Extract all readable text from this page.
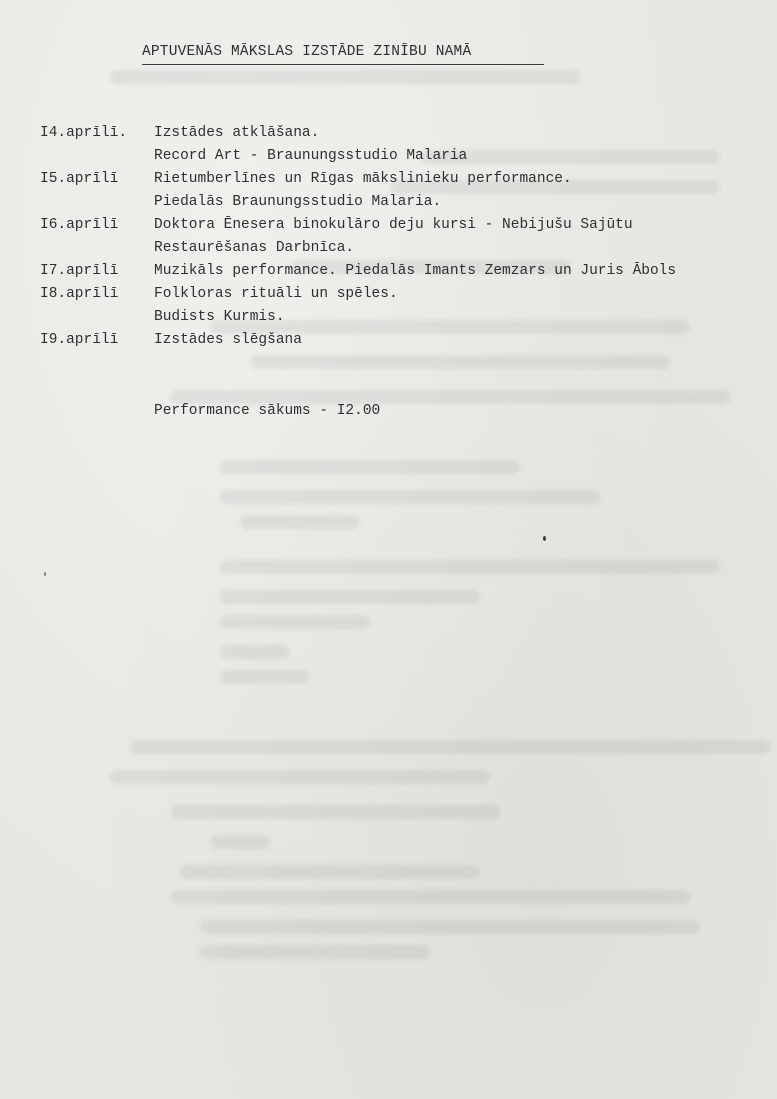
APTUVENĀS MĀKSLAS IZSTĀDE ZINĪBU NAMĀ
I4.aprīlī.	Izstādes atklāšana.
Record Art - Braunungsstudio Malaria
I5.aprīlī	Rietumberlīnes un Rīgas mākslinieku performance.
Piedalās Braunungsstudio Malaria.
I6.aprīlī	Doktora Ēnesera binokulāro deju kursi - Nebijušu Sajūtu
Restaurēšanas Darbnīca.
I7.aprīlī	Muzikāls performance. Piedalās Imants Zemzars un Juris Ābols
I8.aprīlī	Folkloras rituāli un spēles.
Budists Kurmis.
I9.aprīlī	Izstādes slēgšana
Performance sākums - I2.00
